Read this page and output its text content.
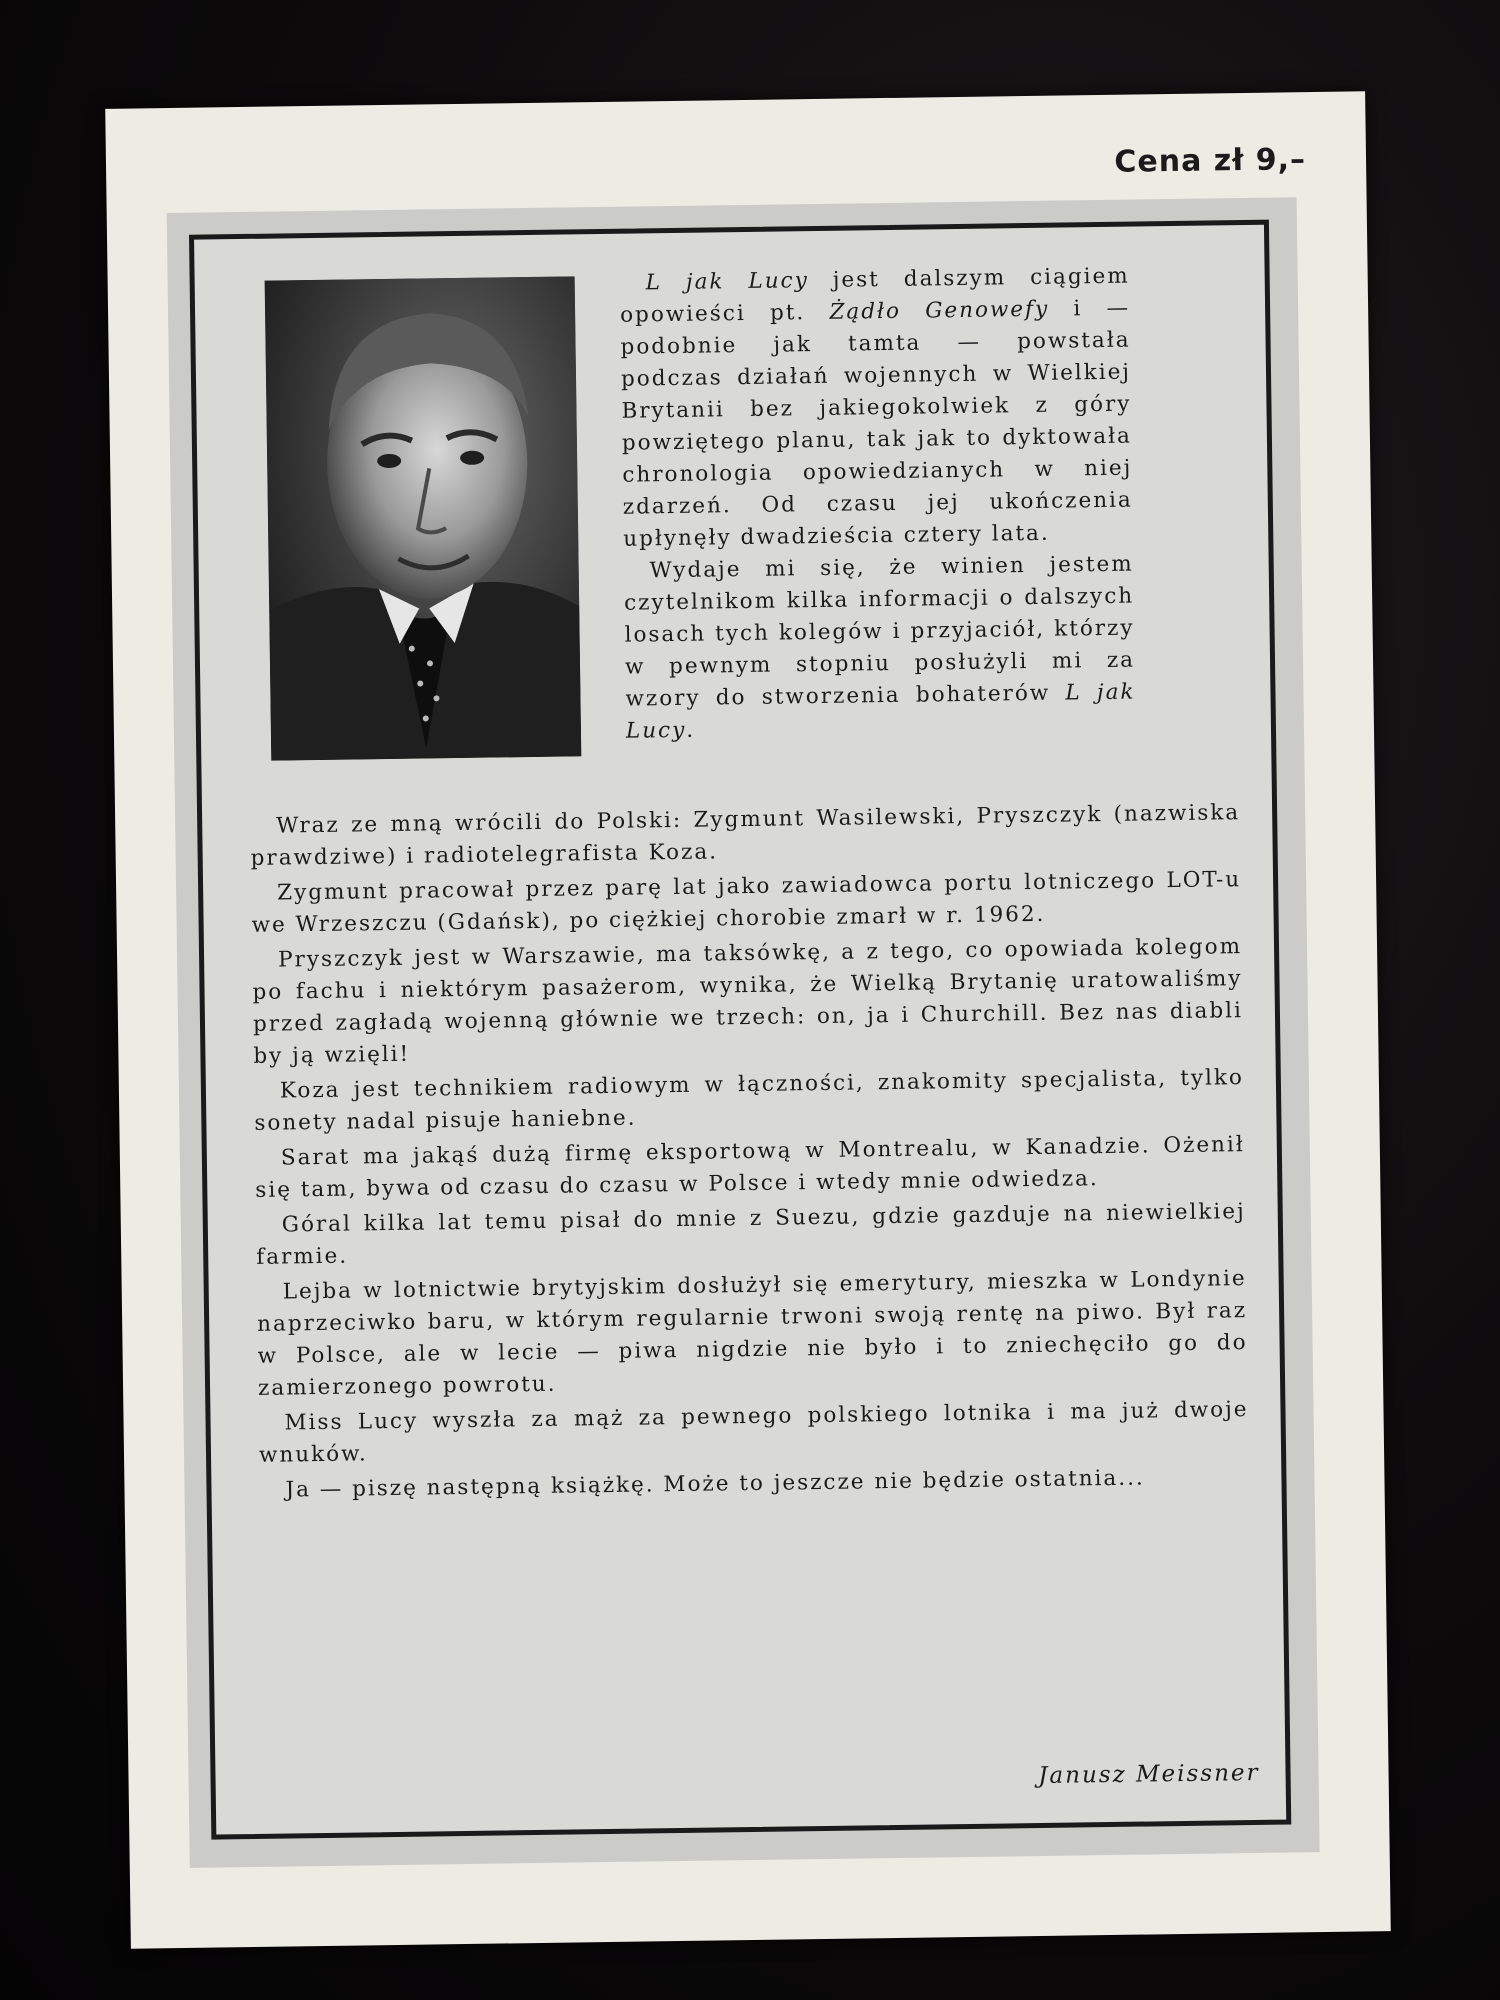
Cena zł 9,–

L jak Lucy jest dalszym ciągiem opowieści pt. Żądło Genowefy i — podobnie jak tamta — powstała podczas działań wojennych w Wielkiej Brytanii bez jakiegokolwiek z góry powziętego planu, tak jak to dyktowała chronologia opowiedzianych w niej zdarzeń. Od czasu jej ukończenia upłynęły dwadzieścia cztery lata.

Wydaje mi się, że winien jestem czytelnikom kilka informacji o dalszych losach tych kolegów i przyjaciół, którzy w pewnym stopniu posłużyli mi za wzory do stworzenia bohaterów L jak Lucy.

Wraz ze mną wrócili do Polski: Zygmunt Wasilewski, Pryszczyk (nazwiska prawdziwe) i radiotelegrafista Koza.

Zygmunt pracował przez parę lat jako zawiadowca portu lotniczego LOT-u we Wrzeszczu (Gdańsk), po ciężkiej chorobie zmarł w r. 1962.

Pryszczyk jest w Warszawie, ma taksówkę, a z tego, co opowiada kolegom po fachu i niektórym pasażerom, wynika, że Wielką Brytanię uratowaliśmy przed zagładą wojenną głównie we trzech: on, ja i Churchill. Bez nas diabli by ją wzięli!

Koza jest technikiem radiowym w łączności, znakomity specjalista, tylko sonety nadal pisuje haniebne.

Sarat ma jakąś dużą firmę eksportową w Montrealu, w Kanadzie. Ożenił się tam, bywa od czasu do czasu w Polsce i wtedy mnie odwiedza.

Góral kilka lat temu pisał do mnie z Suezu, gdzie gazduje na niewielkiej farmie.

Lejba w lotnictwie brytyjskim dosłużył się emerytury, mieszka w Londynie naprzeciwko baru, w którym regularnie trwoni swoją rentę na piwo. Był raz w Polsce, ale w lecie — piwa nigdzie nie było i to zniechęciło go do zamierzonego powrotu.

Miss Lucy wyszła za mąż za pewnego polskiego lotnika i ma już dwoje wnuków.

Ja — piszę następną książkę. Może to jeszcze nie będzie ostatnia...

Janusz Meissner
